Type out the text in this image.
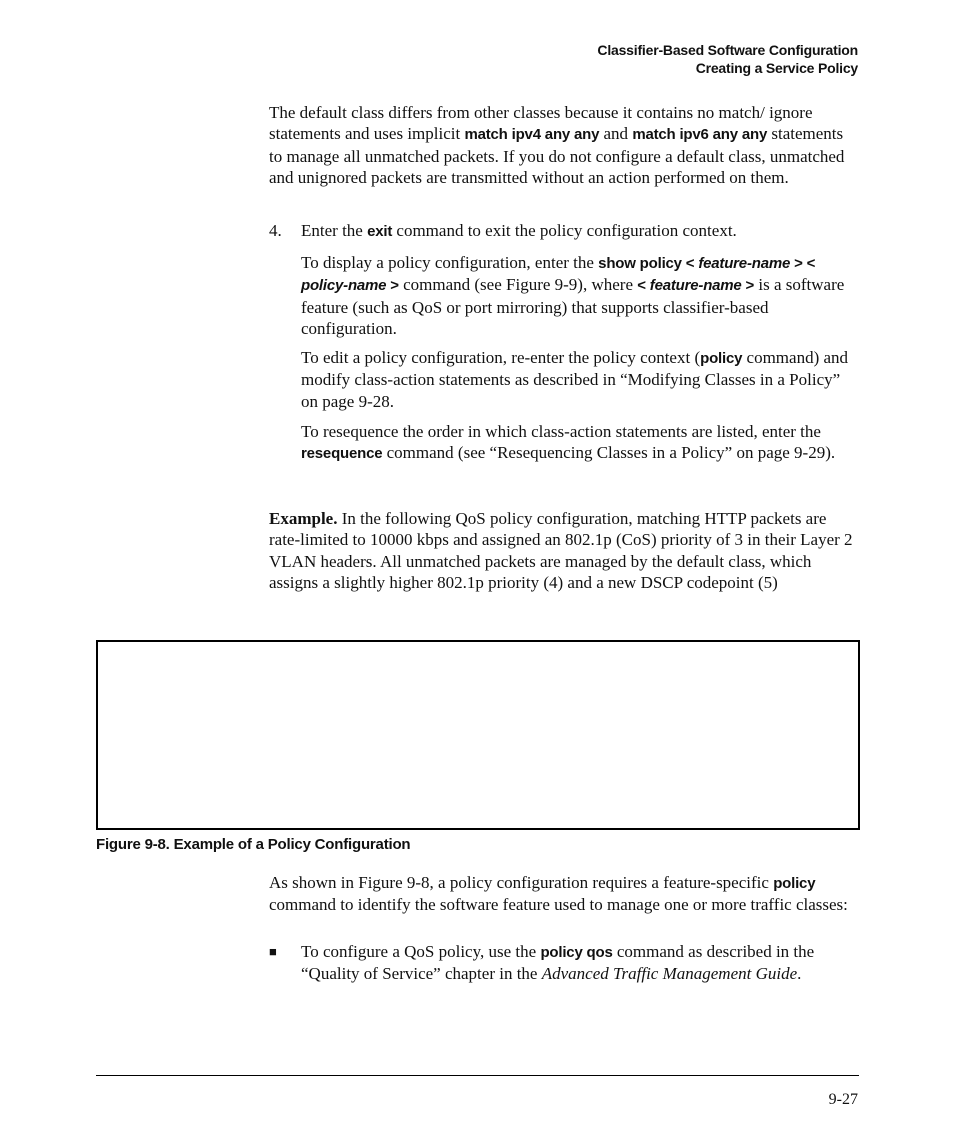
Classifier-Based Software Configuration
Creating a Service Policy

The default class differs from other classes because it contains no match/ ignore statements and uses implicit match ipv4 any any and match ipv6 any any statements to manage all unmatched packets. If you do not configure a default class, unmatched and unignored packets are transmitted without an action performed on them.

4. Enter the exit command to exit the policy configuration context.

To display a policy configuration, enter the show policy < feature-name > < policy-name > command (see Figure 9-9), where < feature-name > is a software feature (such as QoS or port mirroring) that supports classifier-based configuration.

To edit a policy configuration, re-enter the policy context (policy command) and modify class-action statements as described in “Modifying Classes in a Policy” on page 9-28.

To resequence the order in which class-action statements are listed, enter the resequence command (see “Resequencing Classes in a Policy” on page 9-29).

Example. In the following QoS policy configuration, matching HTTP packets are rate-limited to 10000 kbps and assigned an 802.1p (CoS) priority of 3 in their Layer 2 VLAN headers. All unmatched packets are managed by the default class, which assigns a slightly higher 802.1p priority (4) and a new DSCP codepoint (5)

Figure 9-8. Example of a Policy Configuration

As shown in Figure 9-8, a policy configuration requires a feature-specific policy command to identify the software feature used to manage one or more traffic classes:

■ To configure a QoS policy, use the policy qos command as described in the “Quality of Service” chapter in the Advanced Traffic Management Guide.

9-27
